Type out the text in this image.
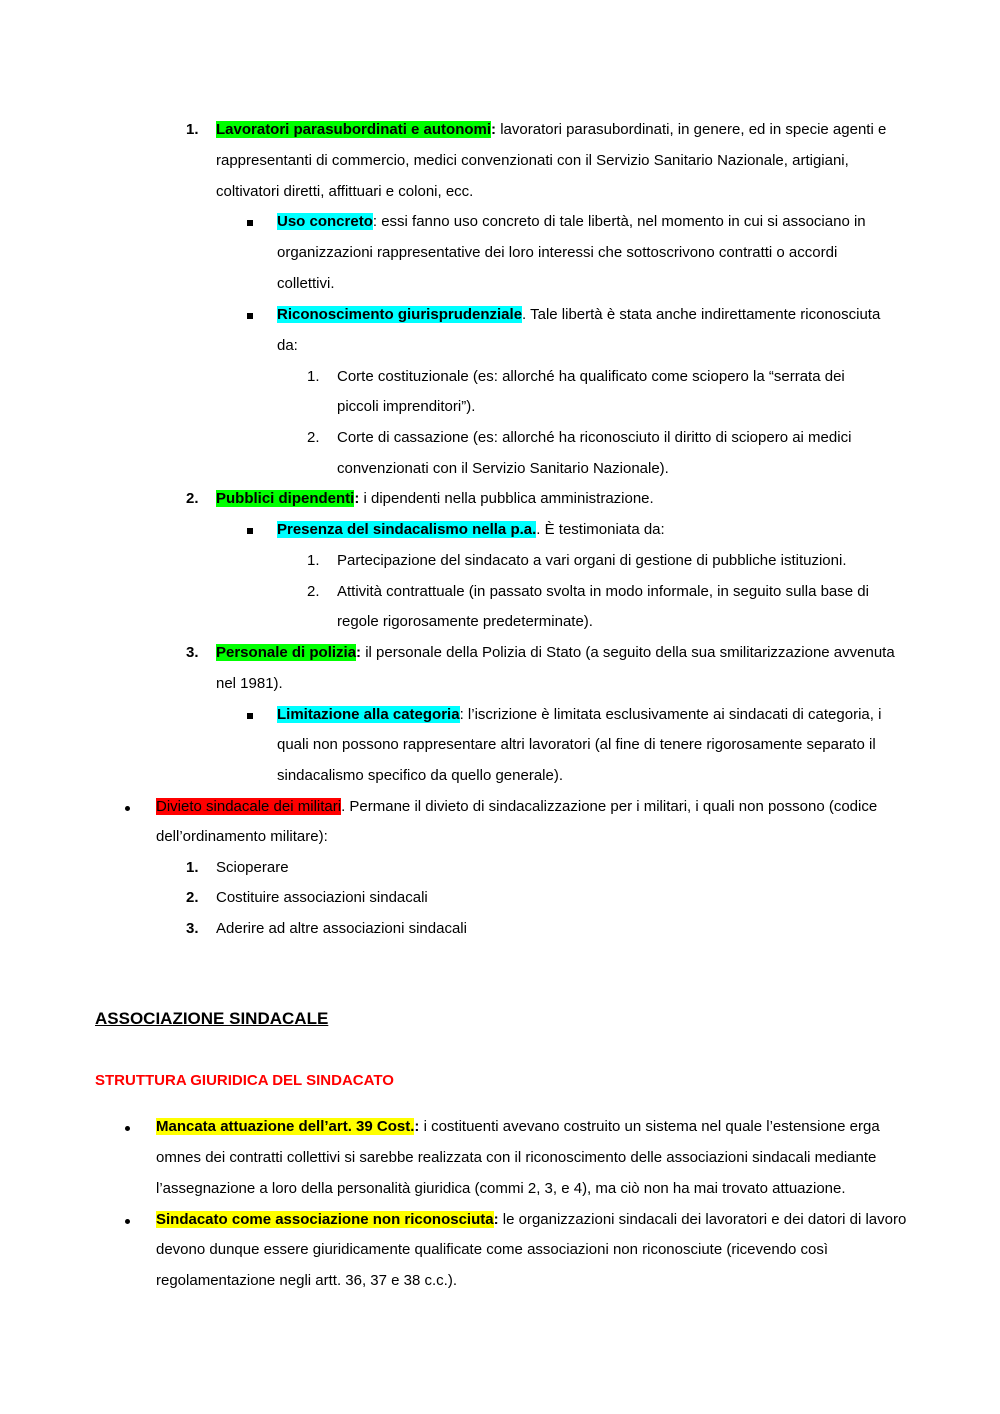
1. Lavoratori parasubordinati e autonomi: lavoratori parasubordinati, in genere, ed in specie agenti e
rappresentanti di commercio, medici convenzionati con il Servizio Sanitario Nazionale, artigiani,
coltivatori diretti, affittuari e coloni, ecc.
Uso concreto: essi fanno uso concreto di tale libertà, nel momento in cui si associano in
organizzazioni rappresentative dei loro interessi che sottoscrivono contratti o accordi
collettivi.
Riconoscimento giurisprudenziale. Tale libertà è stata anche indirettamente riconosciuta
da:
1. Corte costituzionale (es: allorché ha qualificato come sciopero la “serrata dei
piccoli imprenditori”).
2. Corte di cassazione (es: allorché ha riconosciuto il diritto di sciopero ai medici
convenzionati con il Servizio Sanitario Nazionale).
2. Pubblici dipendenti: i dipendenti nella pubblica amministrazione.
Presenza del sindacalismo nella p.a.. È testimoniata da:
1. Partecipazione del sindacato a vari organi di gestione di pubbliche istituzioni.
2. Attività contrattuale (in passato svolta in modo informale, in seguito sulla base di
regole rigorosamente predeterminate).
3. Personale di polizia: il personale della Polizia di Stato (a seguito della sua smilitarizzazione avvenuta
nel 1981).
Limitazione alla categoria: l’iscrizione è limitata esclusivamente ai sindacati di categoria, i
quali non possono rappresentare altri lavoratori (al fine di tenere rigorosamente separato il
sindacalismo specifico da quello generale).
Divieto sindacale dei militari. Permane il divieto di sindacalizzazione per i militari, i quali non possono (codice
dell’ordinamento militare):
1. Scioperare
2. Costituire associazioni sindacali
3. Aderire ad altre associazioni sindacali
ASSOCIAZIONE SINDACALE
STRUTTURA GIURIDICA DEL SINDACATO
Mancata attuazione dell’art. 39 Cost.: i costituenti avevano costruito un sistema nel quale l’estensione erga
omnes dei contratti collettivi si sarebbe realizzata con il riconoscimento delle associazioni sindacali mediante
l’assegnazione a loro della personalità giuridica (commi 2, 3, e 4), ma ciò non ha mai trovato attuazione.
Sindacato come associazione non riconosciuta: le organizzazioni sindacali dei lavoratori e dei datori di lavoro
devono dunque essere giuridicamente qualificate come associazioni non riconosciute (ricevendo così
regolamentazione negli artt. 36, 37 e 38 c.c.).
